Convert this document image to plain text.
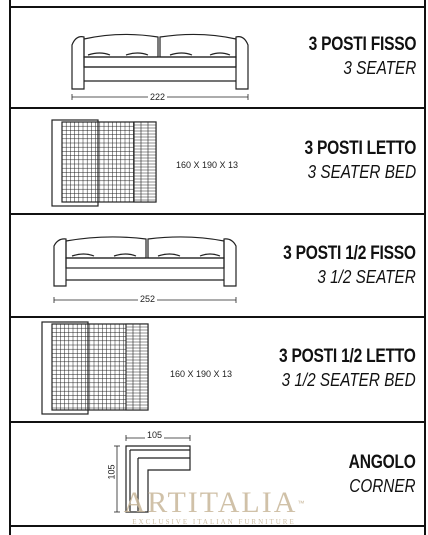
222
3 POSTI FISSO
3 SEATER
160 X 190 X 13
3 POSTI LETTO
3 SEATER BED
252
3 POSTI 1/2 FISSO
3 1/2 SEATER
160 X 190 X 13
3 POSTI 1/2 LETTO
3 1/2 SEATER BED
105
105	ANGOLO
CORNER
ARTITALIA™
EXCLUSIVE ITALIAN FURNITURE
